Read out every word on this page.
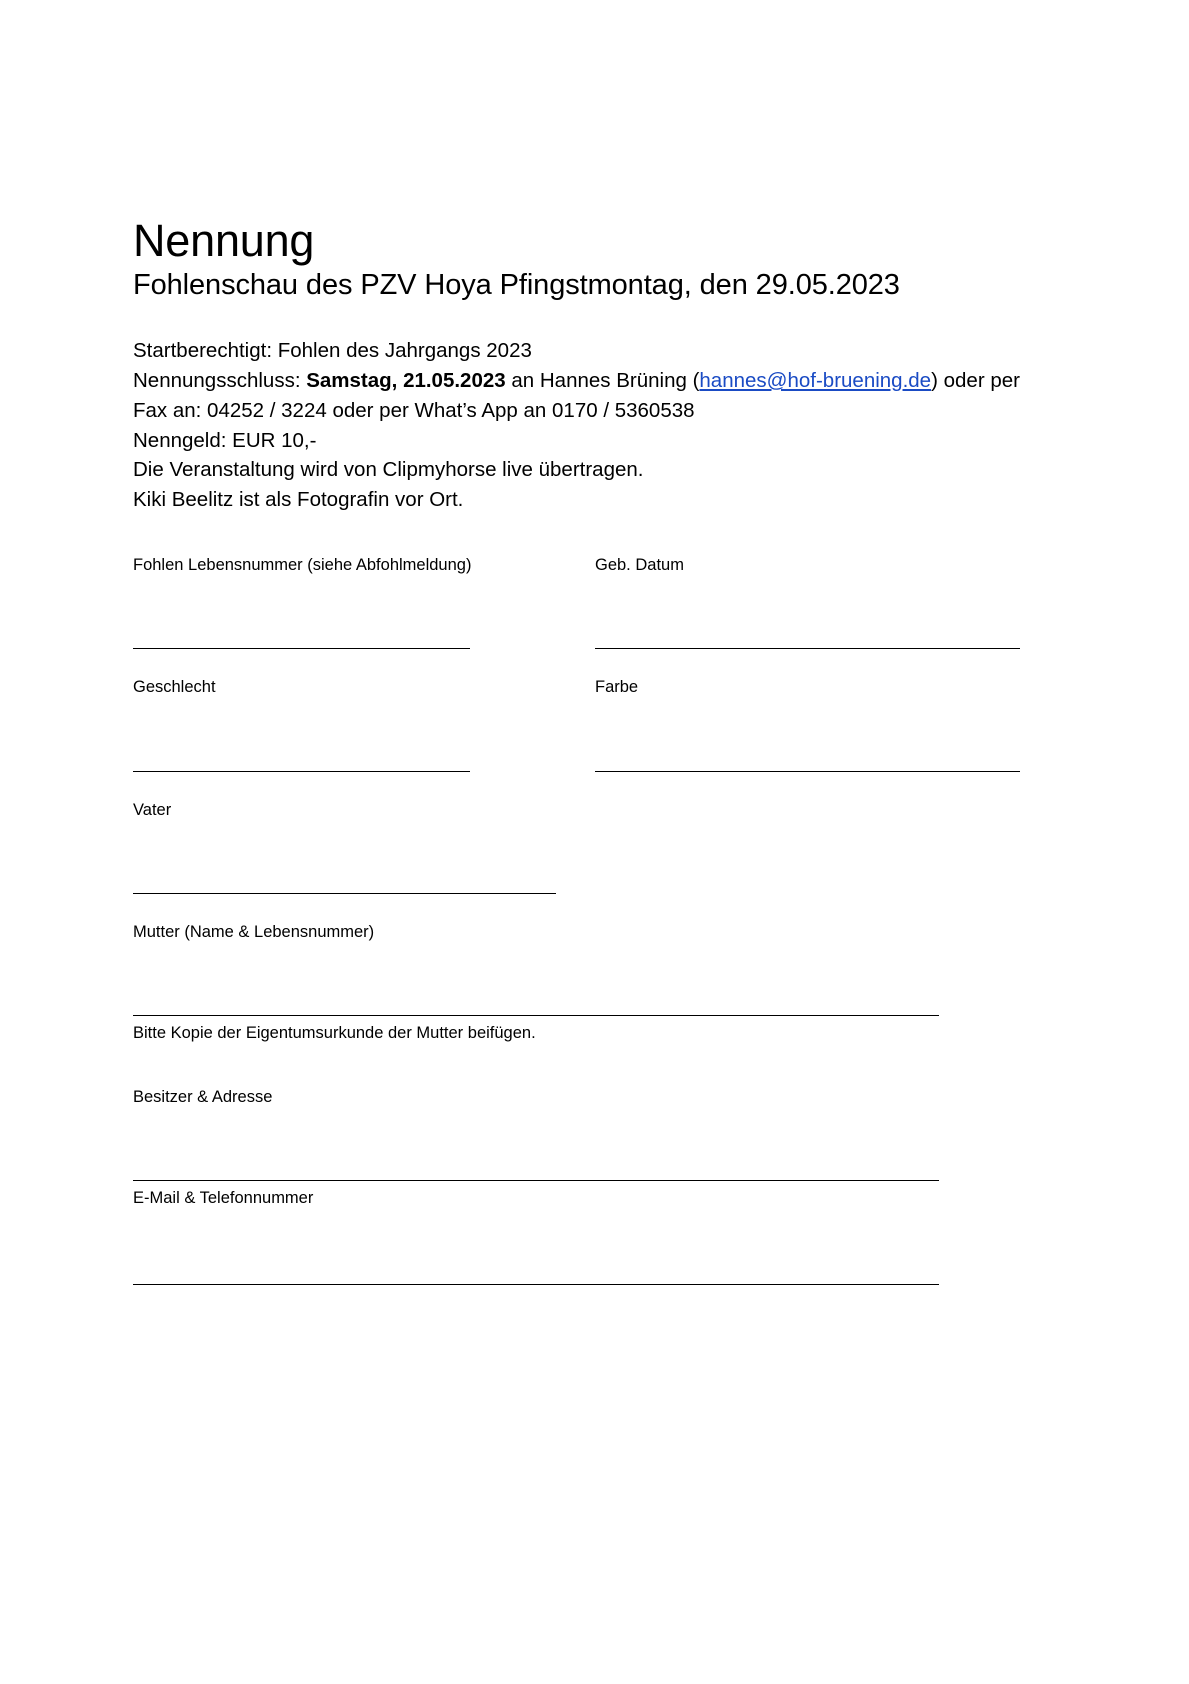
Nennung
Fohlenschau des PZV Hoya Pfingstmontag, den 29.05.2023
Startberechtigt: Fohlen des Jahrgangs 2023
Nennungsschluss: Samstag, 21.05.2023 an Hannes Brüning (hannes@hof-bruening.de) oder per
Fax an: 04252 / 3224 oder per What’s App an 0170 / 5360538
Nenngeld: EUR 10,-
Die Veranstaltung wird von Clipmyhorse live übertragen.
Kiki Beelitz ist als Fotografin vor Ort.
Fohlen Lebensnummer (siehe Abfohlmeldung)	Geb. Datum
Geschlecht	Farbe
Vater
Mutter (Name & Lebensnummer)
Bitte Kopie der Eigentumsurkunde der Mutter beifügen.
Besitzer & Adresse
E-Mail & Telefonnummer
